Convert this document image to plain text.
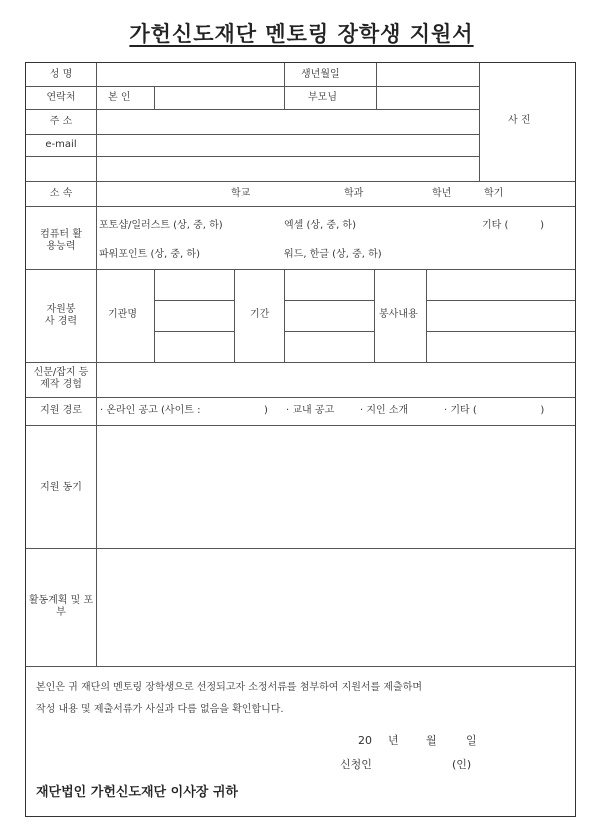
가헌신도재단 멘토링 장학생 지원서
성 명	생년월일
연락처	본 인	부모님
사 진
주 소
e-mail
소 속	학교	학과	학년	학기
컴퓨터 활용능력
포토샵/일러스트 (상, 중, 하)	엑셀 (상, 중, 하)	기타 (          )
파워포인트 (상, 중, 하)	워드, 한글 (상, 중, 하)
자원봉사 경력
기관명	기간	봉사내용
신문/잡지 등 제작 경험
지원 경로	· 온라인 공고 (사이트 :                    ) · 교내 공고	· 지인 소개	· 기타 (                    )
지원 동기
활동계획 및 포부
본인은 귀 재단의 멘토링 장학생으로 선정되고자 소정서류를 첨부하여 지원서를 제출하며
작성 내용 및 제출서류가 사실과 다름 없음을 확인합니다.
20 년 월	일
신청인	(인)
재단법인 가헌신도재단 이사장 귀하
